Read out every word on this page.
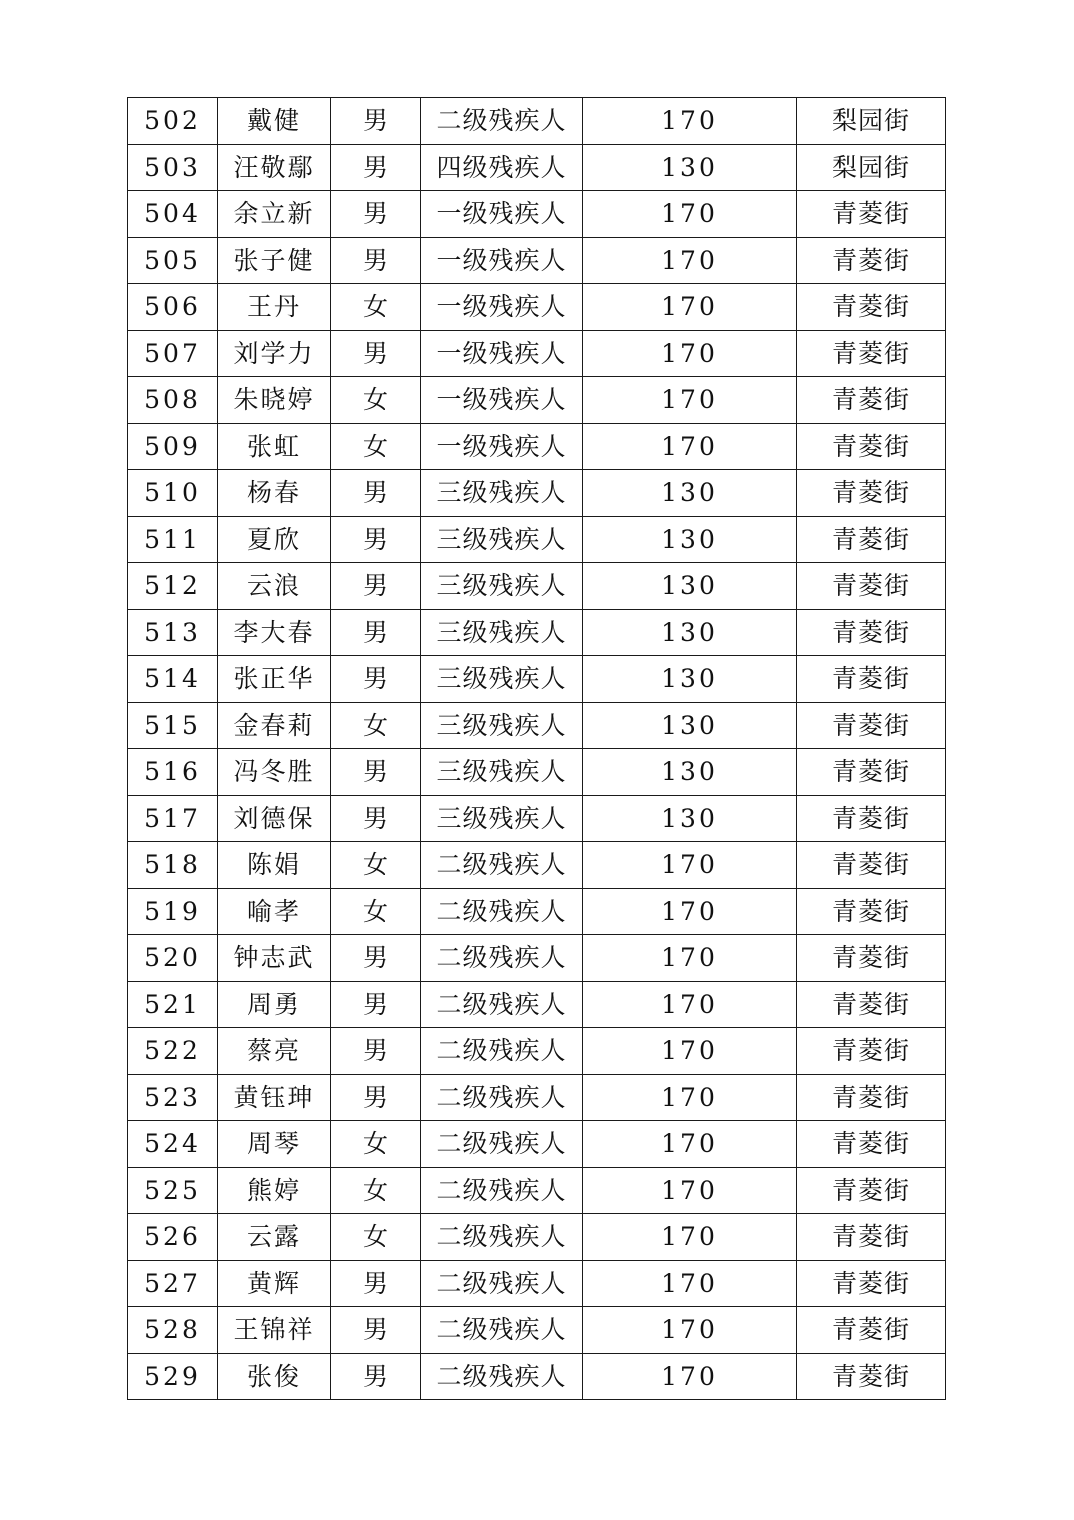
502	戴健	男	二级残疾人	170	梨园街
503	汪敬鄢	男	四级残疾人	130	梨园街
504	余立新	男	一级残疾人	170	青菱街
505	张子健	男	一级残疾人	170	青菱街
506	王丹	女	一级残疾人	170	青菱街
507	刘学力	男	一级残疾人	170	青菱街
508	朱晓婷	女	一级残疾人	170	青菱街
509	张虹	女	一级残疾人	170	青菱街
510	杨春	男	三级残疾人	130	青菱街
511	夏欣	男	三级残疾人	130	青菱街
512	云浪	男	三级残疾人	130	青菱街
513	李大春	男	三级残疾人	130	青菱街
514	张正华	男	三级残疾人	130	青菱街
515	金春莉	女	三级残疾人	130	青菱街
516	冯冬胜	男	三级残疾人	130	青菱街
517	刘德保	男	三级残疾人	130	青菱街
518	陈娟	女	二级残疾人	170	青菱街
519	喻孝	女	二级残疾人	170	青菱街
520	钟志武	男	二级残疾人	170	青菱街
521	周勇	男	二级残疾人	170	青菱街
522	蔡亮	男	二级残疾人	170	青菱街
523	黄钰珅	男	二级残疾人	170	青菱街
524	周琴	女	二级残疾人	170	青菱街
525	熊婷	女	二级残疾人	170	青菱街
526	云露	女	二级残疾人	170	青菱街
527	黄辉	男	二级残疾人	170	青菱街
528	王锦祥	男	二级残疾人	170	青菱街
529	张俊	男	二级残疾人	170	青菱街
